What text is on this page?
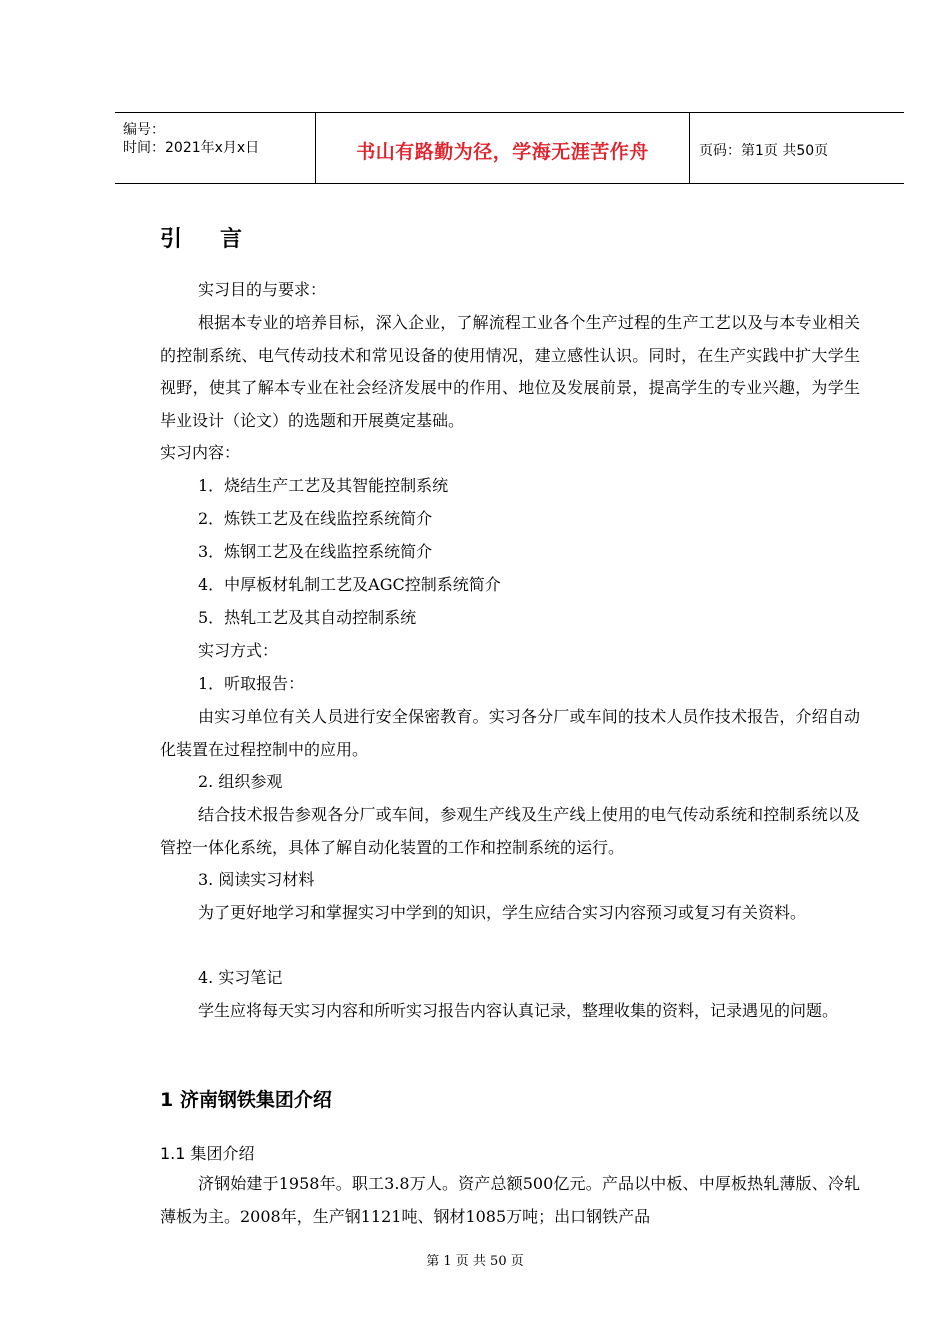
编号：
时间：2021年x月x日	书山有路勤为径，学海无涯苦作舟	页码：第1页 共50页
引言
实习目的与要求：
根据本专业的培养目标，深入企业，了解流程工业各个生产过程的生产工艺以及与本专业相关的控制系统、电气传动技术和常见设备的使用情况，建立感性认识。同时，在生产实践中扩大学生视野，使其了解本专业在社会经济发展中的作用、地位及发展前景，提高学生的专业兴趣，为学生毕业设计（论文）的选题和开展奠定基础。
实习内容：
1．烧结生产工艺及其智能控制系统
2．炼铁工艺及在线监控系统简介
3．炼钢工艺及在线监控系统简介
4．中厚板材轧制工艺及AGC控制系统简介
5．热轧工艺及其自动控制系统
实习方式：
1．听取报告：
由实习单位有关人员进行安全保密教育。实习各分厂或车间的技术人员作技术报告，介绍自动化装置在过程控制中的应用。
2. 组织参观
结合技术报告参观各分厂或车间，参观生产线及生产线上使用的电气传动系统和控制系统以及管控一体化系统，具体了解自动化装置的工作和控制系统的运行。
3. 阅读实习材料
为了更好地学习和掌握实习中学到的知识，学生应结合实习内容预习或复习有关资料。
4. 实习笔记
学生应将每天实习内容和所听实习报告内容认真记录，整理收集的资料，记录遇见的问题。
1 济南钢铁集团介绍
1.1 集团介绍
济钢始建于1958年。职工3.8万人。资产总额500亿元。产品以中板、中厚板热轧薄版、冷轧薄板为主。2008年，生产钢1121吨、钢材1085万吨；出口钢铁产品
第 1 页 共 50 页
